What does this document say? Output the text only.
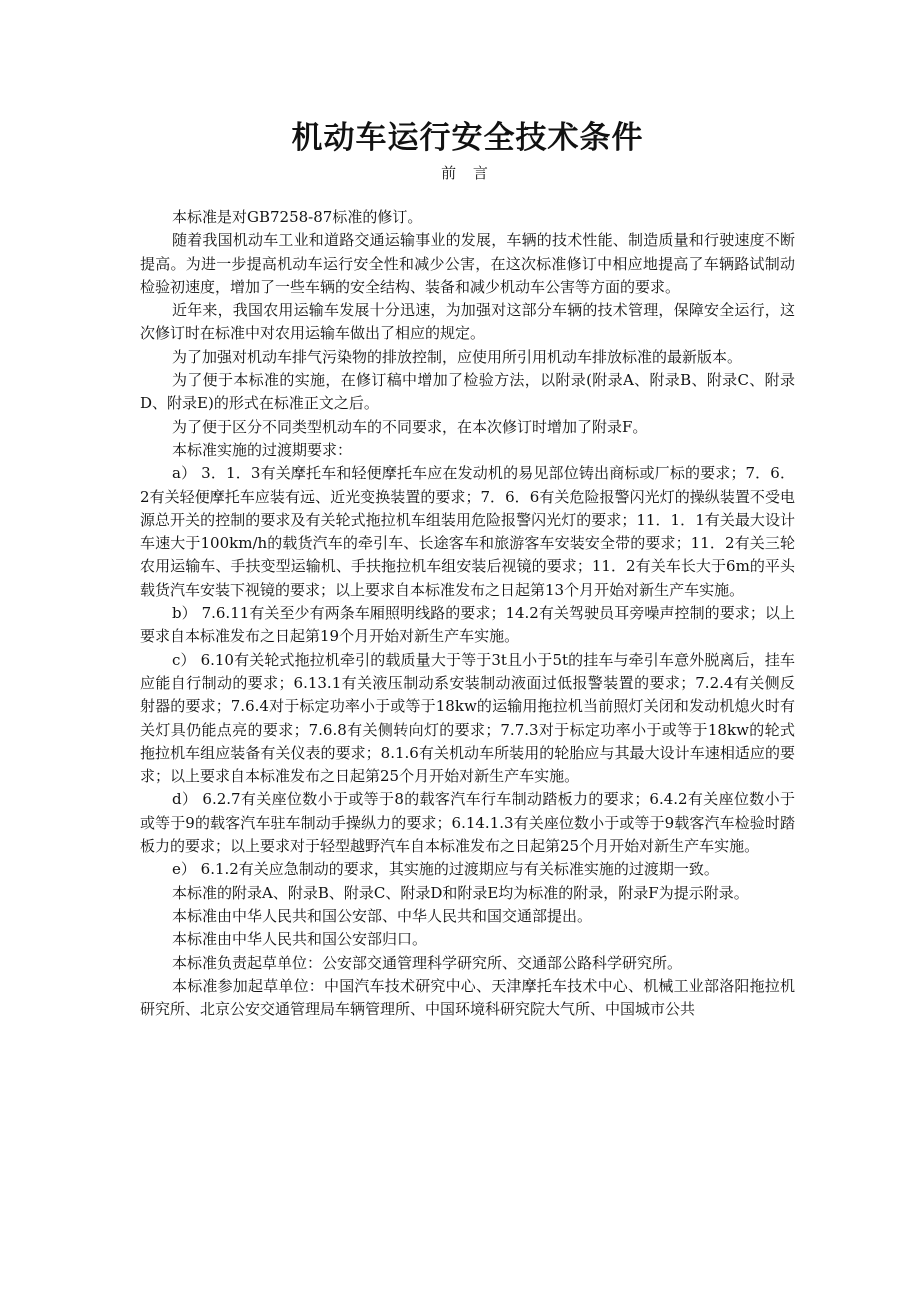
机动车运行安全技术条件
前 言

本标准是对GB7258-87标准的修订。

随着我国机动车工业和道路交通运输事业的发展，车辆的技术性能、制造质量和行驶速度不断提高。为进一步提高机动车运行安全性和减少公害，在这次标准修订中相应地提高了车辆路试制动检验初速度，增加了一些车辆的安全结构、装备和减少机动车公害等方面的要求。

近年来，我国农用运输车发展十分迅速，为加强对这部分车辆的技术管理，保障安全运行，这次修订时在标准中对农用运输车做出了相应的规定。

为了加强对机动车排气污染物的排放控制，应使用所引用机动车排放标准的最新版本。

为了便于本标准的实施，在修订稿中增加了检验方法，以附录(附录A、附录B、附录C、附录D、附录E)的形式在标准正文之后。

为了便于区分不同类型机动车的不同要求，在本次修订时增加了附录F。

本标准实施的过渡期要求：

a） 3．1．3有关摩托车和轻便摩托车应在发动机的易见部位铸出商标或厂标的要求；7．6．2有关轻便摩托车应装有远、近光变换装置的要求；7．6．6有关危险报警闪光灯的操纵装置不受电源总开关的控制的要求及有关轮式拖拉机车组装用危险报警闪光灯的要求；11．1．1有关最大设计车速大于100km/h的载货汽车的牵引车、长途客车和旅游客车安装安全带的要求；11．2有关三轮农用运输车、手扶变型运输机、手扶拖拉机车组安装后视镜的要求；11．2有关车长大于6m的平头载货汽车安装下视镜的要求；以上要求自本标准发布之日起第13个月开始对新生产车实施。

b） 7.6.11有关至少有两条车厢照明线路的要求；14.2有关驾驶员耳旁噪声控制的要求；以上要求自本标准发布之日起第19个月开始对新生产车实施。

c） 6.10有关轮式拖拉机牵引的载质量大于等于3t且小于5t的挂车与牵引车意外脱离后，挂车应能自行制动的要求；6.13.1有关液压制动系安装制动液面过低报警装置的要求；7.2.4有关侧反射器的要求；7.6.4对于标定功率小于或等于18kw的运输用拖拉机当前照灯关闭和发动机熄火时有关灯具仍能点亮的要求；7.6.8有关侧转向灯的要求；7.7.3对于标定功率小于或等于18kw的轮式拖拉机车组应装备有关仪表的要求；8.1.6有关机动车所装用的轮胎应与其最大设计车速相适应的要求；以上要求自本标准发布之日起第25个月开始对新生产车实施。

d） 6.2.7有关座位数小于或等于8的载客汽车行车制动踏板力的要求；6.4.2有关座位数小于或等于9的载客汽车驻车制动手操纵力的要求；6.14.1.3有关座位数小于或等于9载客汽车检验时踏板力的要求；以上要求对于轻型越野汽车自本标准发布之日起第25个月开始对新生产车实施。

e） 6.1.2有关应急制动的要求，其实施的过渡期应与有关标准实施的过渡期一致。

本标准的附录A、附录B、附录C、附录D和附录E均为标准的附录，附录F为提示附录。

本标准由中华人民共和国公安部、中华人民共和国交通部提出。

本标准由中华人民共和国公安部归口。

本标准负责起草单位：公安部交通管理科学研究所、交通部公路科学研究所。

本标准参加起草单位：中国汽车技术研究中心、天津摩托车技术中心、机械工业部洛阳拖拉机研究所、北京公安交通管理局车辆管理所、中国环境科研究院大气所、中国城市公共
